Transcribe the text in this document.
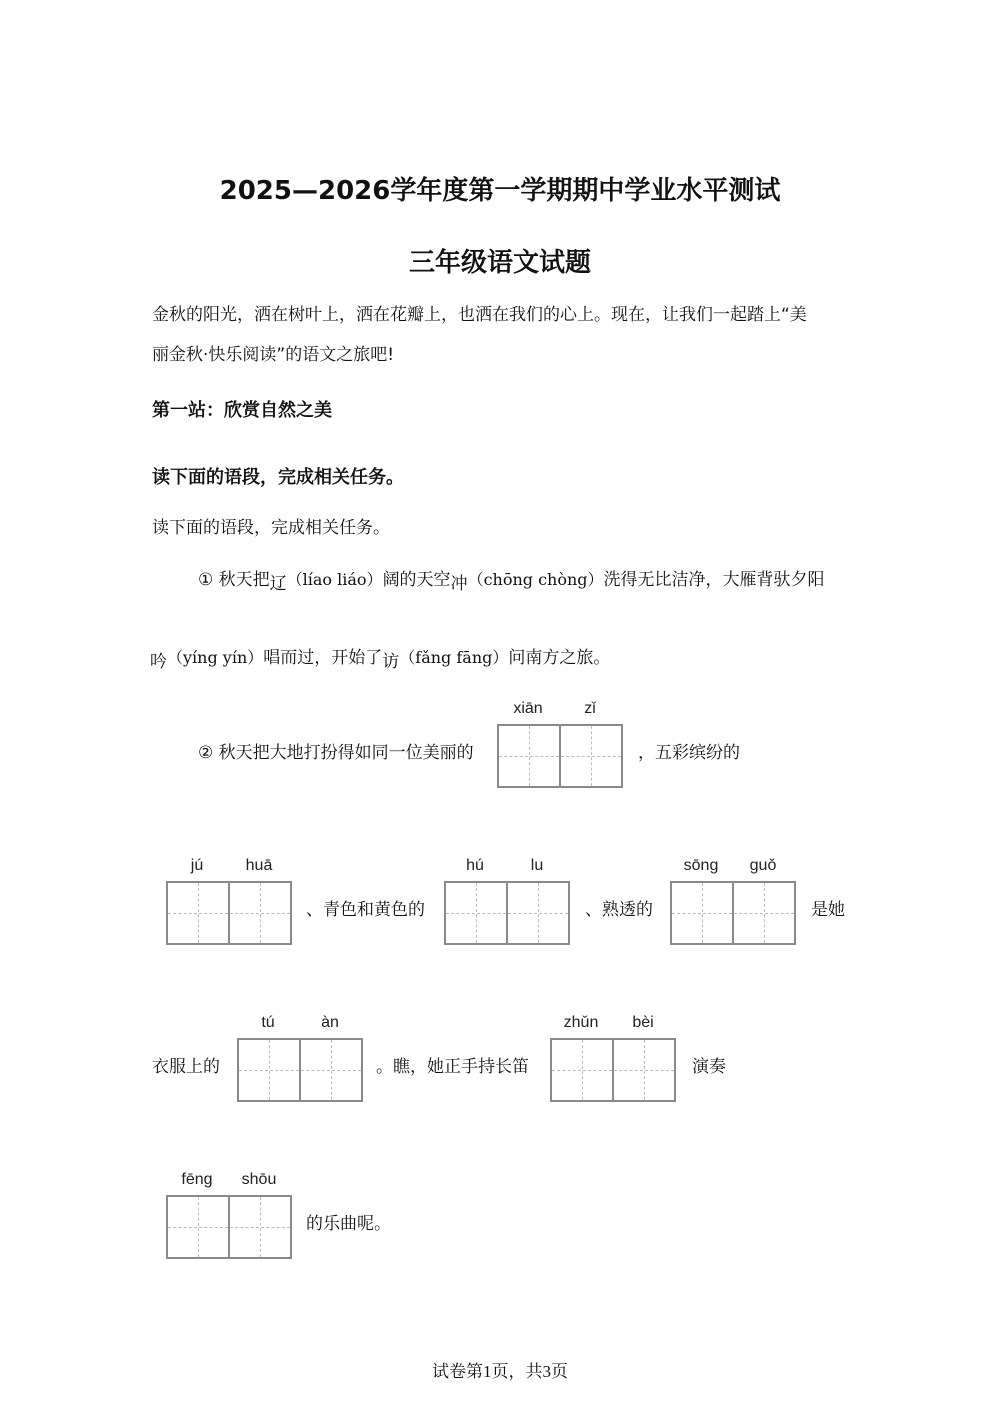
2025—2026学年度第一学期期中学业水平测试
三年级语文试题
金秋的阳光，洒在树叶上，洒在花瓣上，也洒在我们的心上。现在，让我们一起踏上“美
丽金秋·快乐阅读”的语文之旅吧!
第一站：欣赏自然之美
读下面的语段，完成相关任务。
读下面的语段，完成相关任务。
① 秋天把辽（líao liáo）阔的天空冲（chōng chòng）洗得无比洁净，大雁背驮夕阳
吟（yíng yín）唱而过，开始了访（fǎng fāng）问南方之旅。
② 秋天把大地打扮得如同一位美丽的
xiān	zǐ
，五彩缤纷的
jú	huā
、青色和黄色的
hú	lu
、熟透的
sōng	guǒ
是她
衣服上的
tú	àn
。瞧，她正手持长笛
zhǔn	bèi
演奏
fēng	shōu
的乐曲呢。
试卷第1页，共3页
